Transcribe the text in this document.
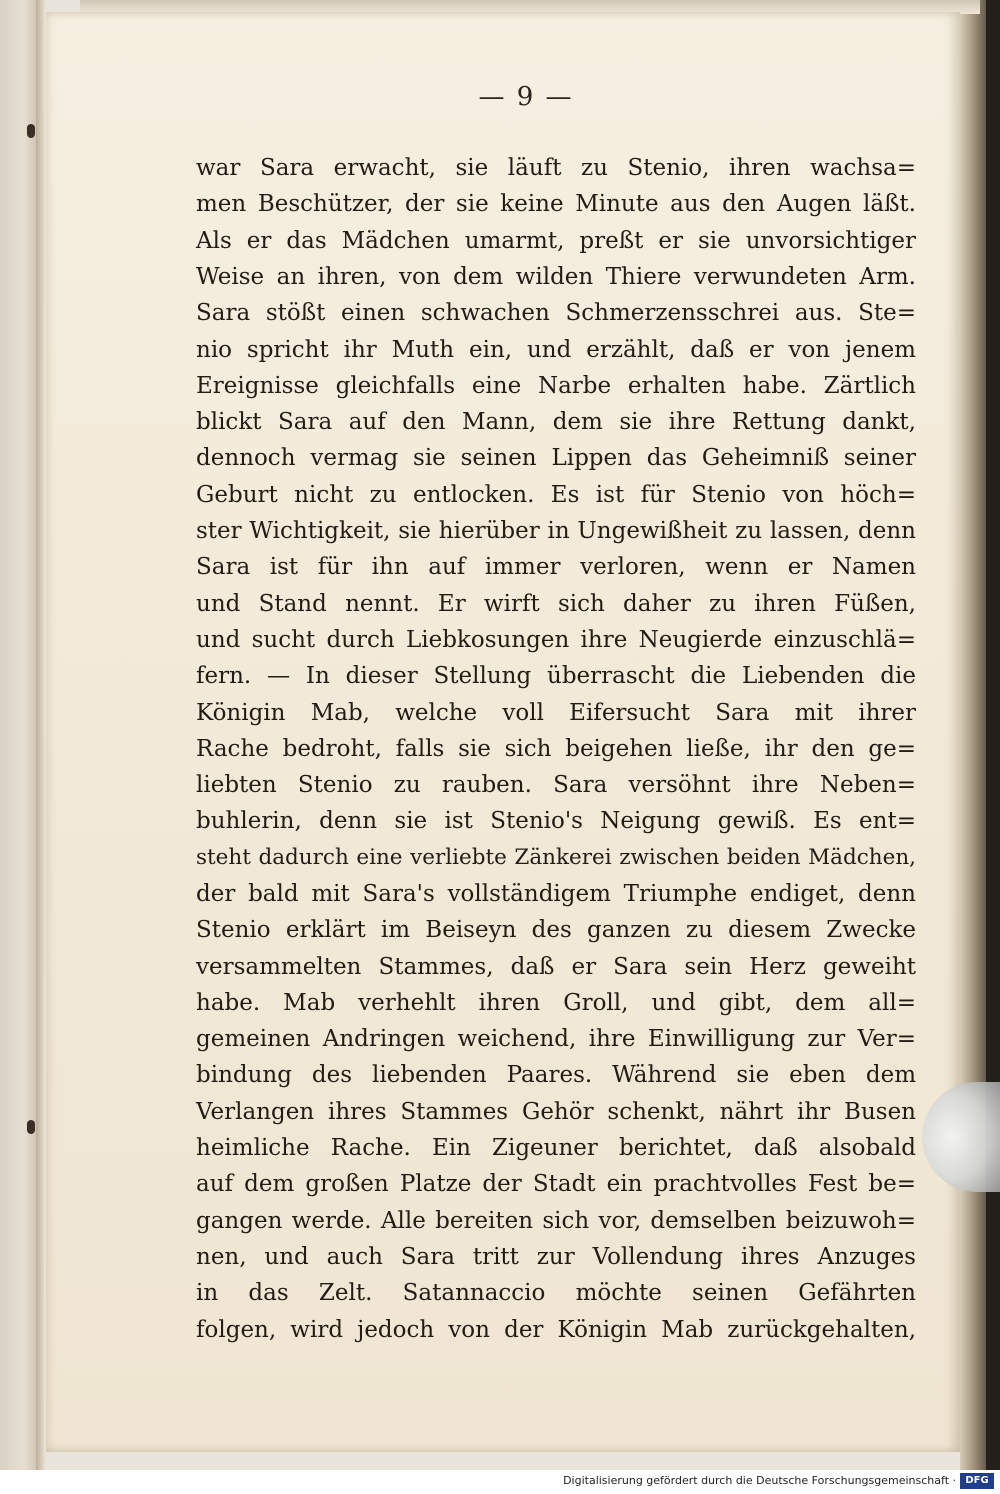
— 9 —
war Sara erwacht, sie läuft zu Stenio, ihren wachsa=
men Beschützer, der sie keine Minute aus den Augen läßt.
Als er das Mädchen umarmt, preßt er sie unvorsichtiger
Weise an ihren, von dem wilden Thiere verwundeten Arm.
Sara stößt einen schwachen Schmerzensschrei aus. Ste=
nio spricht ihr Muth ein, und erzählt, daß er von jenem
Ereignisse gleichfalls eine Narbe erhalten habe. Zärtlich
blickt Sara auf den Mann, dem sie ihre Rettung dankt,
dennoch vermag sie seinen Lippen das Geheimniß seiner
Geburt nicht zu entlocken. Es ist für Stenio von höch=
ster Wichtigkeit, sie hierüber in Ungewißheit zu lassen, denn
Sara ist für ihn auf immer verloren, wenn er Namen
und Stand nennt. Er wirft sich daher zu ihren Füßen,
und sucht durch Liebkosungen ihre Neugierde einzuschlä=
fern. — In dieser Stellung überrascht die Liebenden die
Königin Mab, welche voll Eifersucht Sara mit ihrer
Rache bedroht, falls sie sich beigehen ließe, ihr den ge=
liebten Stenio zu rauben. Sara versöhnt ihre Neben=
buhlerin, denn sie ist Stenio's Neigung gewiß. Es ent=
steht dadurch eine verliebte Zänkerei zwischen beiden Mädchen,
der bald mit Sara's vollständigem Triumphe endiget, denn
Stenio erklärt im Beiseyn des ganzen zu diesem Zwecke
versammelten Stammes, daß er Sara sein Herz geweiht
habe. Mab verhehlt ihren Groll, und gibt, dem all=
gemeinen Andringen weichend, ihre Einwilligung zur Ver=
bindung des liebenden Paares. Während sie eben dem
Verlangen ihres Stammes Gehör schenkt, nährt ihr Busen
heimliche Rache. Ein Zigeuner berichtet, daß alsobald
auf dem großen Platze der Stadt ein prachtvolles Fest be=
gangen werde. Alle bereiten sich vor, demselben beizuwoh=
nen, und auch Sara tritt zur Vollendung ihres Anzuges
in das Zelt. Satannaccio möchte seinen Gefährten
folgen, wird jedoch von der Königin Mab zurückgehalten,
Digitalisierung gefördert durch die Deutsche Forschungsgemeinschaft · DFG
